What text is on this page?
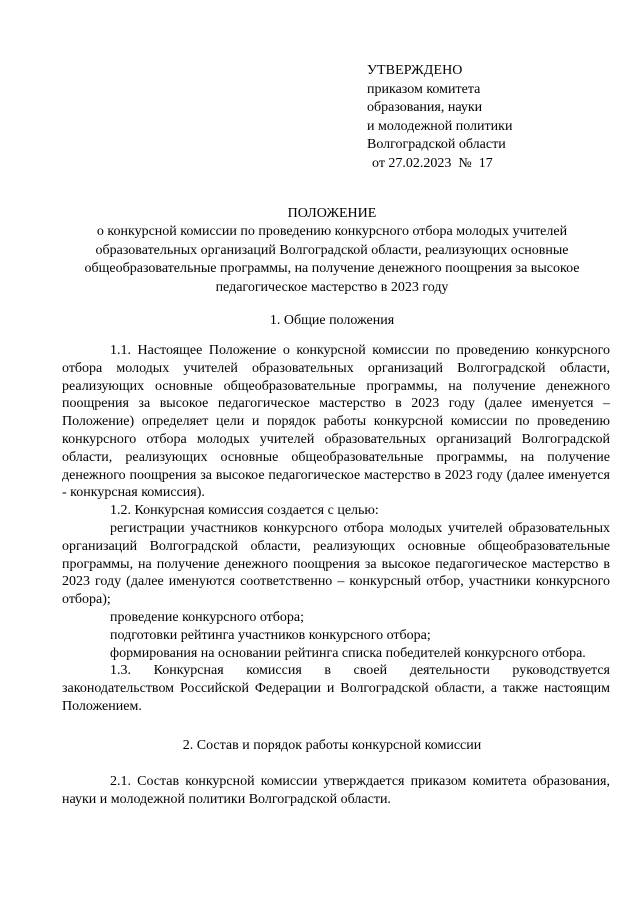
УТВЕРЖДЕНО
приказом комитета
образования, науки
и молодежной политики
Волгоградской области
от 27.02.2023  №  17
ПОЛОЖЕНИЕ
о конкурсной комиссии по проведению конкурсного отбора молодых учителей образовательных организаций Волгоградской области, реализующих основные общеобразовательные программы, на получение денежного поощрения за высокое педагогическое мастерство в 2023 году
1. Общие положения

1.1. Настоящее Положение о конкурсной комиссии по проведению конкурсного отбора молодых учителей образовательных организаций Волгоградской области, реализующих основные общеобразовательные программы, на получение денежного поощрения за высокое педагогическое мастерство в 2023 году (далее именуется – Положение) определяет цели и порядок работы конкурсной комиссии по проведению конкурсного отбора молодых учителей образовательных организаций Волгоградской области, реализующих основные общеобразовательные программы, на получение денежного поощрения за высокое педагогическое мастерство в 2023 году (далее именуется - конкурсная комиссия).

1.2. Конкурсная комиссия создается с целью:

регистрации участников конкурсного отбора молодых учителей образовательных организаций Волгоградской области, реализующих основные общеобразовательные программы, на получение денежного поощрения за высокое педагогическое мастерство в 2023 году (далее именуются соответственно – конкурсный отбор, участники конкурсного отбора);

проведение конкурсного отбора;

подготовки рейтинга участников конкурсного отбора;

формирования на основании рейтинга списка победителей конкурсного отбора.

1.3. Конкурсная комиссия в своей деятельности руководствуется законодательством Российской Федерации и Волгоградской области, а также настоящим Положением.

2. Состав и порядок работы конкурсной комиссии

2.1. Состав конкурсной комиссии утверждается приказом комитета образования, науки и молодежной политики Волгоградской области.
